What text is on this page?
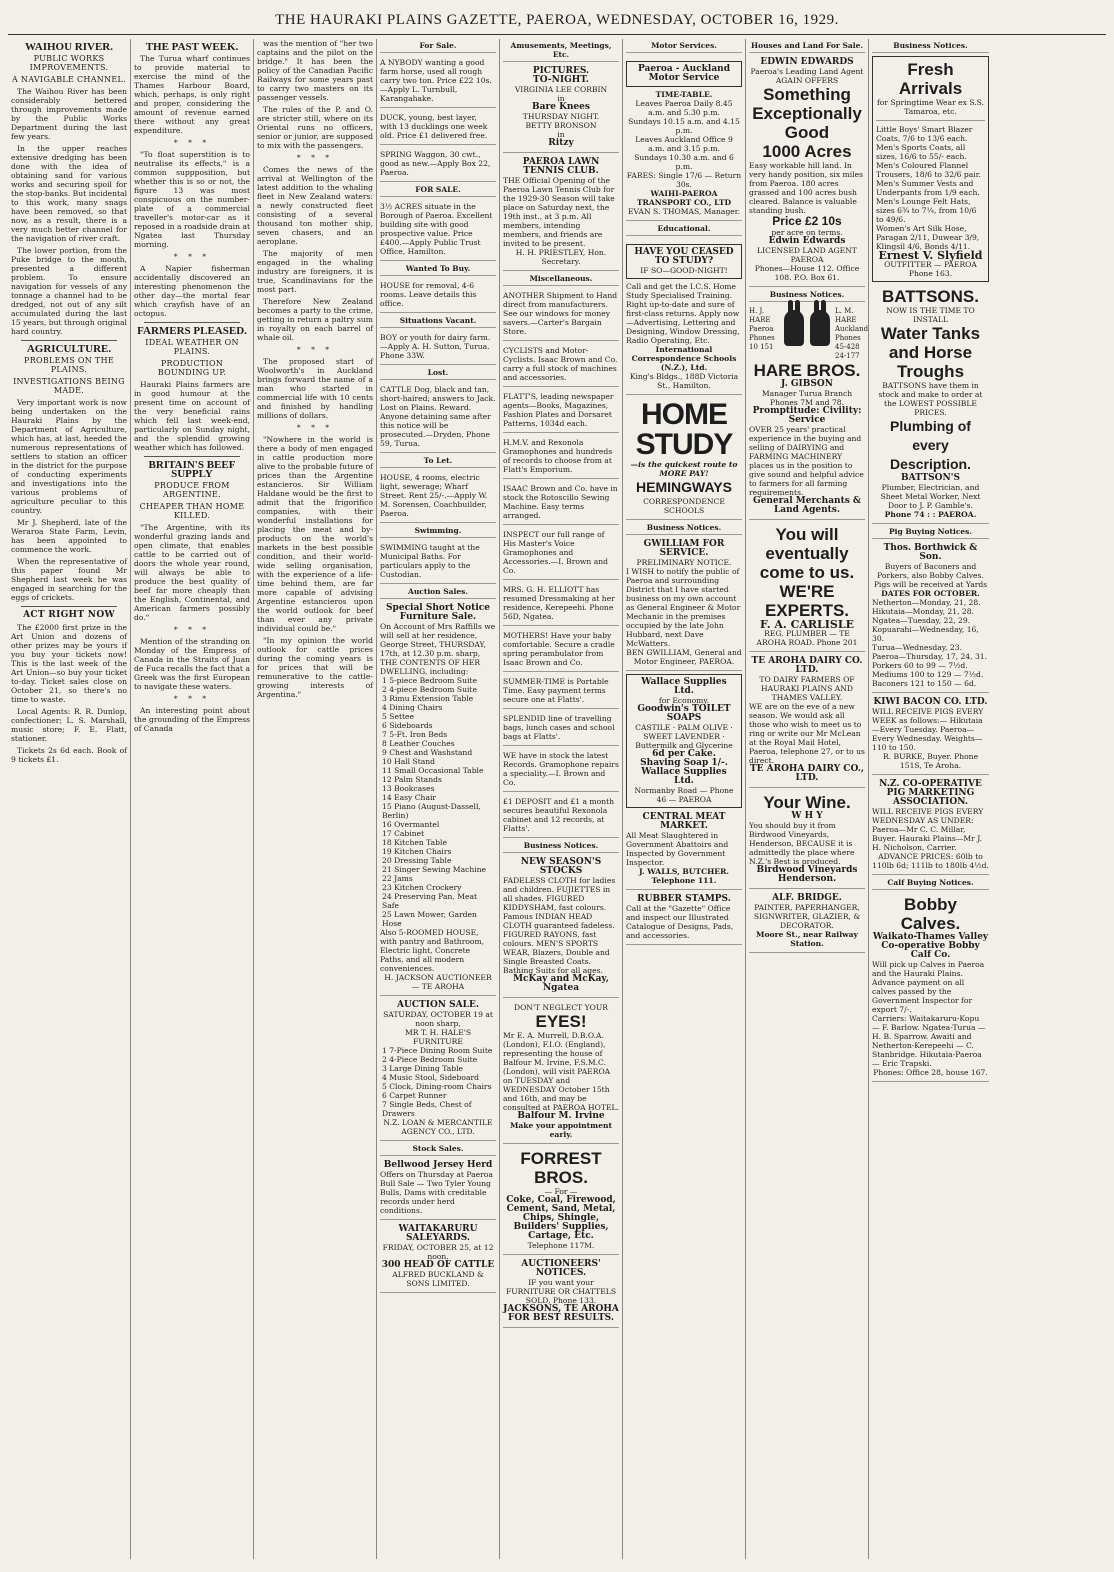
THE HAURAKI PLAINS GAZETTE, PAEROA, WEDNESDAY, OCTOBER 16, 1929.
WAIHOU RIVER.
PUBLIC WORKS IMPROVEMENTS.
A NAVIGABLE CHANNEL.

The Waihou River has been considerably bettered through improvements made by the Public Works Department during the last few years.

In the upper reaches extensive dredging has been done with the idea of obtaining sand for various works and securing spoil for the stop-banks. But incidental to this work, many snags have been removed, so that now, as a result, there is a very much better channel for the navigation of river craft.

The lower portion, from the Puke bridge to the mouth, presented a different problem. To ensure navigation for vessels of any tonnage a channel had to be dredged, not out of any silt accumulated during the last 15 years, but through original hard country.

AGRICULTURE.
PROBLEMS ON THE PLAINS.
INVESTIGATIONS BEING MADE.

Very important work is now being undertaken on the Hauraki Plains by the Department of Agriculture, which has, at last, heeded the numerous representations of settlers to station an officer in the district for the purpose of conducting experiments and investigations into the various problems of agriculture peculiar to this country.

Mr J. Shepherd, late of the Weraroa State Farm, Levin, has been appointed to commence the work.

When the representative of this paper found Mr Shepherd last week he was engaged in searching for the eggs of crickets.

ACT RIGHT NOW

The £2000 first prize in the Art Union and dozens of other prizes may be yours if you buy your tickets now! This is the last week of the Art Union—so buy your ticket to-day. Ticket sales close on October 21, so there's no time to waste.

Local Agents: R. R. Dunlop, confectioner; L. S. Marshall, music store; F. E. Flatt, stationer.

Tickets 2s 6d each. Book of 9 tickets £1.

THE PAST WEEK.

The Turua wharf continues to provide material to exercise the mind of the Thames Harbour Board, which, perhaps, is only right and proper, considering the amount of revenue earned there without any great expenditure.

* * *

"To float superstition is to neutralise its effects," is a common suppposition, but whether this is so or not, the figure 13 was most conspicuous on the number-plate of a commercial traveller's motor-car as it reposed in a roadside drain at Ngatea last Thursday morning.

* * *

A Napier fisherman accidentally discovered an interesting phenomenon the other day—the mortal fear which crayfish have of an octopus.

FARMERS PLEASED.
IDEAL WEATHER ON PLAINS.
PRODUCTION BOUNDING UP.

Hauraki Plains farmers are in good humour at the present time on account of the very beneficial rains which fell last week-end, particularly on Sunday night, and the splendid growing weather which has followed.

BRITAIN'S BEEF SUPPLY
PRODUCE FROM ARGENTINE.
CHEAPER THAN HOME KILLED.

"The Argentine, with its wonderful grazing lands and open climate, that enables cattle to be carried out of doors the whole year round, will always be able to produce the best quality of beef far more cheaply than the English, Continental, and American farmers possibly do."

* * *

Mention of the stranding on Monday of the Empress of Canada in the Straits of Juan de Fuca recalls the fact that a Greek was the first European to navigate these waters.

* * *

An interesting point about the grounding of the Empress of Canada

was the mention of "her two captains and the pilot on the bridge." It has been the policy of the Canadian Pacific Railways for some years past to carry two masters on its passenger vessels.

The rules of the P. and O. are stricter still, where on its Oriental runs no officers, senior or junior, are supposed to mix with the passengers.

* * *

Comes the news of the arrival at Wellington of the latest addition to the whaling fleet in New Zealand waters: a newly constructed fleet consisting of a several thousand ton mother ship, seven chasers, and an aeroplane.

The majority of men engaged in the whaling industry are foreigners, it is true, Scandinavians for the most part.

Therefore New Zealand becomes a party to the crime, getting in return a paltry sum in royalty on each barrel of whale oil.

* * *

The proposed start of Woolworth's in Auckland brings forward the name of a man who started in commercial life with 10 cents and finished by handling millions of dollars.

* * *

"Nowhere in the world is there a body of men engaged in cattle production more alive to the probable future of prices than the Argentine estancieros. Sir William Haldane would be the first to admit that the frigorifico companies, with their wonderful installations for placing the meat and by-products on the world's markets in the best possible condition, and their world-wide selling organisation, with the experience of a life-time behind them, are far more capable of advising Argentine estancieros upon the world outlook for beef than ever any private individual could be."

"In my opinion the world outlook for cattle prices during the coming years is for prices that will be remunerative to the cattle-growing interests of Argentina."

For Sale.
A NYBODY wanting a good farm horse, used all rough carry two ton. Price £22 10s.—Apply L. Turnbull, Karangahake.
DUCK, young, best layer, with 13 ducklings one week old. Price £1 delivered free.
SPRING Waggon, 30 cwt., good as new.—Apply Box 22, Paeroa.
FOR SALE.
3½ ACRES situate in the Borough of Paeroa. Excellent building site with good prospective value. Price £400.—Apply Public Trust Office, Hamilton.
Wanted To Buy.
HOUSE for removal, 4-6 rooms. Leave details this office.
Situations Vacant.
BOY or youth for dairy farm.—Apply A. H. Sutton, Turua. Phone 33W.
Lost.
CATTLE Dog, black and tan, short-haired; answers to Jack. Lost on Plains. Reward. Anyone detaining same after this notice will be prosecuted.—Dryden, Phone 59, Turua.
To Let.
HOUSE, 4 rooms, electric light, sewerage; Wharf Street. Rent 25/-.—Apply W. M. Sorensen, Coachbuilder, Paeroa.
Swimming.
SWIMMING taught at the Municipal Baths. For particulars apply to the Custodian.
Auction Sales.
Special Short Notice Furniture Sale.
On Account of Mrs Raffills we will sell at her residence, George Street, THURSDAY, 17th, at 12.30 p.m. sharp, THE CONTENTS OF HER DWELLING, including:
1 5-piece Bedroom Suite
2 4-piece Bedroom Suite
3 Rimu Extension Table
4 Dining Chairs
5 Settee
6 Sideboards
7 5-Ft. Iron Beds
8 Leather Couches
9 Chest and Washstand
10 Hall Stand
11 Small Occasional Table
12 Palm Stands
13 Bookcases
14 Easy Chair
15 Piano (August-Dassell, Berlin)
16 Overmantel
17 Cabinet
18 Kitchen Table
19 Kitchen Chairs
20 Dressing Table
21 Singer Sewing Machine
22 Jams
23 Kitchen Crockery
24 Preserving Pan, Meat Safe
25 Lawn Mower, Garden Hose
Also 5-ROOMED HOUSE, with pantry and Bathroom, Electric light, Concrete Paths, and all modern conveniences.
H. JACKSON AUCTIONEER — TE AROHA
AUCTION SALE.
SATURDAY, OCTOBER 19 at noon sharp,
MR T. H. HALE'S FURNITURE
1 7-Piece Dining Room Suite
2 4-Piece Bedroom Suite
3 Large Dining Table
4 Music Stool, Sideboard
5 Clock, Dining-room Chairs
6 Carpet Runner
7 Single Beds, Chest of Drawers
N.Z. LOAN & MERCANTILE AGENCY CO., LTD.
Stock Sales.
Bellwood Jersey Herd
Offers on Thursday at Paeroa Bull Sale — Two Tyler Young Bulls, Dams with creditable records under herd conditions.
WAITAKARURU SALEYARDS.
FRIDAY, OCTOBER 25, at 12 noon.
300 HEAD OF CATTLE
ALFRED BUCKLAND & SONS LIMITED.
Amusements, Meetings, Etc.
PICTURES.
TO-NIGHT.
VIRGINIA LEE CORBIN
in
Bare Knees
THURSDAY NIGHT.
BETTY BRONSON
in
Ritzy
PAEROA LAWN TENNIS CLUB.
THE Official Opening of the Paeroa Lawn Tennis Club for the 1929-30 Season will take place on Saturday next, the 19th inst., at 3 p.m. All members, intending members, and friends are invited to be present.
H. H. PRIESTLEY, Hon. Secretary.
Miscellaneous.
ANOTHER Shipment to Hand direct from manufacturers. See our windows for money savers.—Carter's Bargain Store.
CYCLISTS and Motor-Cyclists. Isaac Brown and Co. carry a full stock of machines and accessories.
FLATT'S, leading newspaper agents—Books, Magazines, Fashion Plates and Dorsaret Patterns, 1034d each.
H.M.V. and Rexonola Gramophones and hundreds of records to choose from at Flatt's Emporium.
ISAAC Brown and Co. have in stock the Rotoscillo Sewing Machine. Easy terms arranged.
INSPECT our full range of His Master's Voice Gramophones and Accessories.—I. Brown and Co.
MRS. G. H. ELLIOTT has resumed Dressmaking at her residence, Kerepeehi. Phone 56D, Ngatea.
MOTHERS! Have your baby comfortable. Secure a cradle spring perambulator from Isaac Brown and Co.
SUMMER-TIME is Portable Time. Easy payment terms secure one at Flatts'.
SPLENDID line of travelling bags, lunch cases and school bags at Flatts'.
WE have in stock the latest Records. Gramophone repairs a speciality.—I. Brown and Co.
£1 DEPOSIT and £1 a month secures beautiful Rexonola cabinet and 12 records, at Flatts'.
Business Notices.
NEW SEASON'S STOCKS
FADELESS CLOTH for ladies and children. FUJIETTES in all shades. FIGURED KIDDYSHAM, fast colours. Famous INDIAN HEAD CLOTH guaranteed fadeless. FIGURED RAYONS, fast colours. MEN'S SPORTS WEAR, Blazers, Double and Single Breasted Coats. Bathing Suits for all ages.
McKay and McKay, Ngatea
DON'T NEGLECT YOUR
EYES!
Mr E. A. Murrell, D.B.O.A. (London), F.I.O. (England), representing the house of Balfour M. Irvine, F.S.M.C. (London), will visit PAEROA on TUESDAY and WEDNESDAY October 15th and 16th, and may be consulted at PAEROA HOTEL.
Balfour M. Irvine
Make your appointment early.
FORREST BROS.
— For —
Coke, Coal, Firewood, Cement, Sand, Metal, Chips, Shingle, Builders' Supplies, Cartage, Etc.
Telephone 117M.
AUCTIONEERS' NOTICES.
IF you want your FURNITURE OR CHATTELS SOLD, Phone 133.
JACKSONS, TE AROHA FOR BEST RESULTS.
Motor Services.
Paeroa - Auckland Motor Service
TIME-TABLE.
Leaves Paeroa Daily 8.45 a.m. and 5.30 p.m.
Sundays 10.15 a.m. and 4.15 p.m.
Leaves Auckland Office 9 a.m. and 3.15 p.m.
Sundays 10.30 a.m. and 6 p.m.
FARES: Single 17/6 — Return 30s.
WAIHI-PAEROA TRANSPORT CO., LTD
EVAN S. THOMAS, Manager.
Educational.
HAVE YOU CEASED TO STUDY?
IF SO—GOOD-NIGHT!
Call and get the I.C.S. Home Study Specialised Training. Right up-to-date and sure of first-class returns. Apply now—Advertising, Lettering and Designing, Window Dressing, Radio Operating, Etc.
International Correspondence Schools (N.Z.), Ltd.
King's Bldgs., 188D Victoria St., Hamilton.
HOME STUDY
—is the quickest route to MORE PAY!
HEMINGWAYS
CORRESPONDENCE SCHOOLS
Business Notices.
GWILLIAM FOR SERVICE.
PRELIMINARY NOTICE.
I WISH to notify the public of Paeroa and surrounding District that I have started business on my own account as General Engineer & Motor Mechanic in the premises occupied by the late John Hubbard, next Dave McWatters.
BEN GWILLIAM, General and Motor Engineer, PAEROA.
Wallace Supplies Ltd.
for Economy.
Goodwin's TOILET SOAPS
CASTILE · PALM OLIVE · SWEET LAVENDER · Buttermilk and Glycerine
6d per Cake.
Shaving Soap 1/-.
Wallace Supplies Ltd.
Normanby Road — Phone 46 — PAEROA
CENTRAL MEAT MARKET.
All Meat Slaughtered in Government Abattoirs and Inspected by Government Inspector.
J. WALLS, BUTCHER. Telephone 111.
RUBBER STAMPS.
Call at the "Gazette" Office and inspect our Illustrated Catalogue of Designs, Pads, and accessories.
Houses and Land For Sale.
EDWIN EDWARDS
Paeroa's Leading Land Agent AGAIN OFFERS
Something Exceptionally Good
1000 Acres
Easy workable hill land. In very handy position, six miles from Paeroa. 180 acres grassed and 100 acres bush cleared. Balance is valuable standing bush.
Price £2 10s
per acre on terms.
Edwin Edwards
LICENSED LAND AGENT PAEROA
Phones—House 112. Office 108. P.O. Box 61.
Business Notices.
H. J. HARE Paeroa Phones 10 151
L. M. HARE Auckland Phones 45-428 24-177
HARE BROS.
J. GIBSON
Manager Turua Branch Phones 7M and 78.
Promptitude: Civility: Service
OVER 25 years' practical experience in the buying and selling of DAIRYING and FARMING MACHINERY places us in the position to give sound and helpful advice to farmers for all farming requirements.
General Merchants & Land Agents.
You will eventually come to us.
WE'RE EXPERTS.
F. A. CARLISLE
REG. PLUMBER — TE AROHA ROAD. Phone 201
TE AROHA DAIRY CO. LTD.
TO DAIRY FARMERS OF HAURAKI PLAINS AND THAMES VALLEY.
WE are on the eve of a new season. We would ask all those who wish to meet us to ring or write our Mr McLean at the Royal Mail Hotel, Paeroa, telephone 27, or to us direct.
TE AROHA DAIRY CO., LTD.
Your Wine.
W H Y
You should buy it from Birdwood Vineyards, Henderson, BECAUSE it is admittedly the place where N.Z.'s Best is produced.
Birdwood Vineyards Henderson.
ALF. BRIDGE.
PAINTER, PAPERHANGER, SIGNWRITER, GLAZIER, & DECORATOR.
Moore St., near Railway Station.
Business Notices.
Fresh Arrivals
for Springtime Wear ex S.S. Tamaroa, etc.
Little Boys' Smart Blazer Coats, 7/6 to 13/6 each.
Men's Sports Coats, all sizes, 16/6 to 55/- each.
Men's Coloured Flannel Trousers, 18/6 to 32/6 pair.
Men's Summer Vests and Underpants from 1/9 each.
Men's Lounge Felt Hats, sizes 6¾ to 7¼, from 10/6 to 49/6.
Women's Art Silk Hose, Paragan 2/11, Duwear 3/9, Klingsil 4/6, Bonds 4/11.
Ernest V. Slyfield
OUTFITTER — PAEROA Phone 163.
BATTSONS.
NOW IS THE TIME TO INSTALL
Water Tanks and Horse Troughs
BATTSONS have them in stock and make to order at the LOWEST POSSIBLE PRICES.
Plumbing of every Description.
BATTSON'S
Plumber, Electrician, and Sheet Metal Worker, Next Door to J. P. Gamble's.
Phone 74 : : PAEROA.
Pig Buying Notices.
Thos. Borthwick & Son.
Buyers of Baconers and Porkers, also Bobby Calves. Pigs will be received at Yards
DATES FOR OCTOBER.
Netherton—Monday, 21, 28.
Hikutaia—Monday, 21, 28.
Ngatea—Tuesday, 22, 29.
Kopuarahi—Wednesday, 16, 30.
Turua—Wednesday, 23.
Paeroa—Thursday, 17, 24, 31.
Porkers 60 to 99 — 7½d. Mediums 100 to 129 — 7½d. Baconers 121 to 150 — 6d.
KIWI BACON CO. LTD.
WILL RECEIVE PIGS EVERY WEEK as follows:— Hikutaia—Every Tuesday. Paeroa—Every Wednesday. Weights—110 to 150.
R. BURKE, Buyer. Phone 151S, Te Aroha.
N.Z. CO-OPERATIVE PIG MARKETING ASSOCIATION.
WILL RECEIVE PIGS EVERY WEDNESDAY AS UNDER: Paeroa—Mr C. C. Millar, Buyer. Hauraki Plains—Mr J. H. Nicholson, Carrier.
ADVANCE PRICES: 60lb to 110lb 6d; 111lb to 180lb 4½d.
Calf Buying Notices.
Bobby Calves.
Waikato-Thames Valley Co-operative Bobby Calf Co.
Will pick up Calves in Paeroa and the Hauraki Plains. Advance payment on all calves passed by the Government Inspector for export 7/-.
Carriers: Waitakaruru-Kopu — F. Barlow. Ngatea-Turua — H. B. Sparrow. Awaiti and Netherton-Kerepeehi — C. Stanbridge. Hikutaia-Paeroa — Eric Trapski.
Phones: Office 28, house 167.
